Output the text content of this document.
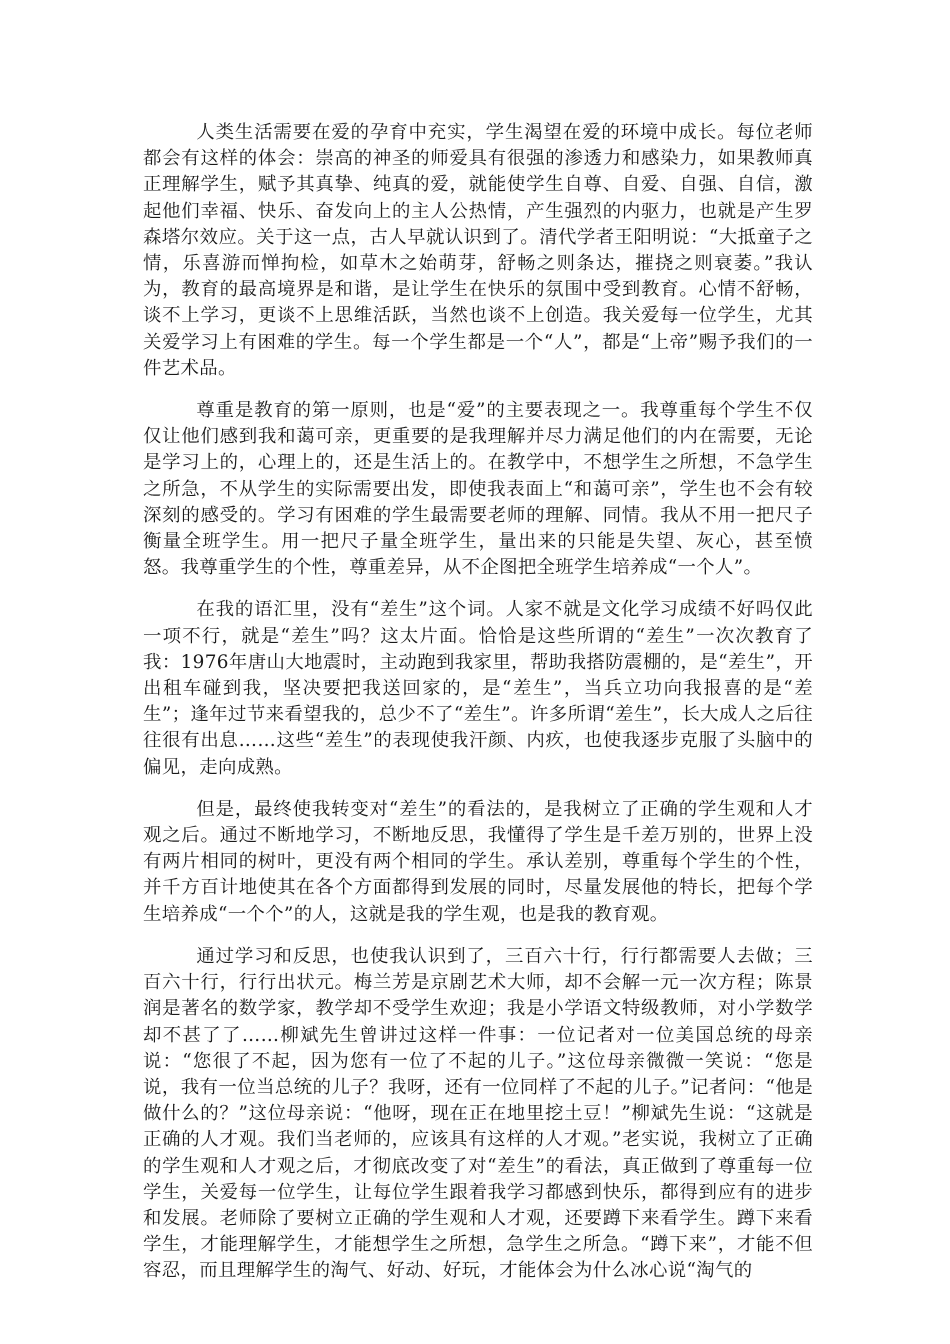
人类生活需要在爱的孕育中充实，学生渴望在爱的环境中成长。每位老师都会有这样的体会：崇高的神圣的师爱具有很强的渗透力和感染力，如果教师真正理解学生，赋予其真挚、纯真的爱，就能使学生自尊、自爱、自强、自信，激起他们幸福、快乐、奋发向上的主人公热情，产生强烈的内驱力，也就是产生罗森塔尔效应。关于这一点，古人早就认识到了。清代学者王阳明说：“大抵童子之情，乐喜游而惮拘检，如草木之始萌芽，舒畅之则条达，摧挠之则衰萎。”我认为，教育的最高境界是和谐，是让学生在快乐的氛围中受到教育。心情不舒畅，谈不上学习，更谈不上思维活跃，当然也谈不上创造。我关爱每一位学生，尤其关爱学习上有困难的学生。每一个学生都是一个“人”，都是“上帝”赐予我们的一件艺术品。

尊重是教育的第一原则，也是“爱”的主要表现之一。我尊重每个学生不仅仅让他们感到我和蔼可亲，更重要的是我理解并尽力满足他们的内在需要，无论是学习上的，心理上的，还是生活上的。在教学中，不想学生之所想，不急学生之所急，不从学生的实际需要出发，即使我表面上“和蔼可亲”，学生也不会有较深刻的感受的。学习有困难的学生最需要老师的理解、同情。我从不用一把尺子衡量全班学生。用一把尺子量全班学生，量出来的只能是失望、灰心，甚至愤怒。我尊重学生的个性，尊重差异，从不企图把全班学生培养成“一个人”。

在我的语汇里，没有“差生”这个词。人家不就是文化学习成绩不好吗仅此一项不行，就是“差生”吗？这太片面。恰恰是这些所谓的“差生”一次次教育了我：1976年唐山大地震时，主动跑到我家里，帮助我搭防震棚的，是“差生”，开出租车碰到我，坚决要把我送回家的，是“差生”，当兵立功向我报喜的是“差生”；逢年过节来看望我的，总少不了“差生”。许多所谓“差生”，长大成人之后往往很有出息……这些“差生”的表现使我汗颜、内疚，也使我逐步克服了头脑中的偏见，走向成熟。

但是，最终使我转变对“差生”的看法的，是我树立了正确的学生观和人才观之后。通过不断地学习，不断地反思，我懂得了学生是千差万别的，世界上没有两片相同的树叶，更没有两个相同的学生。承认差别，尊重每个学生的个性，并千方百计地使其在各个方面都得到发展的同时，尽量发展他的特长，把每个学生培养成“一个个”的人，这就是我的学生观，也是我的教育观。

通过学习和反思，也使我认识到了，三百六十行，行行都需要人去做；三百六十行，行行出状元。梅兰芳是京剧艺术大师，却不会解一元一次方程；陈景润是著名的数学家，教学却不受学生欢迎；我是小学语文特级教师，对小学数学却不甚了了……柳斌先生曾讲过这样一件事：一位记者对一位美国总统的母亲说：“您很了不起，因为您有一位了不起的儿子。”这位母亲微微一笑说：“您是说，我有一位当总统的儿子？我呀，还有一位同样了不起的儿子。”记者问：“他是做什么的？”这位母亲说：“他呀，现在正在地里挖土豆！”柳斌先生说：“这就是正确的人才观。我们当老师的，应该具有这样的人才观。”老实说，我树立了正确的学生观和人才观之后，才彻底改变了对“差生”的看法，真正做到了尊重每一位学生，关爱每一位学生，让每位学生跟着我学习都感到快乐，都得到应有的进步和发展。老师除了要树立正确的学生观和人才观，还要蹲下来看学生。蹲下来看学生，才能理解学生，才能想学生之所想，急学生之所急。“蹲下来”，才能不但容忍，而且理解学生的淘气、好动、好玩，才能体会为什么冰心说“淘气的
